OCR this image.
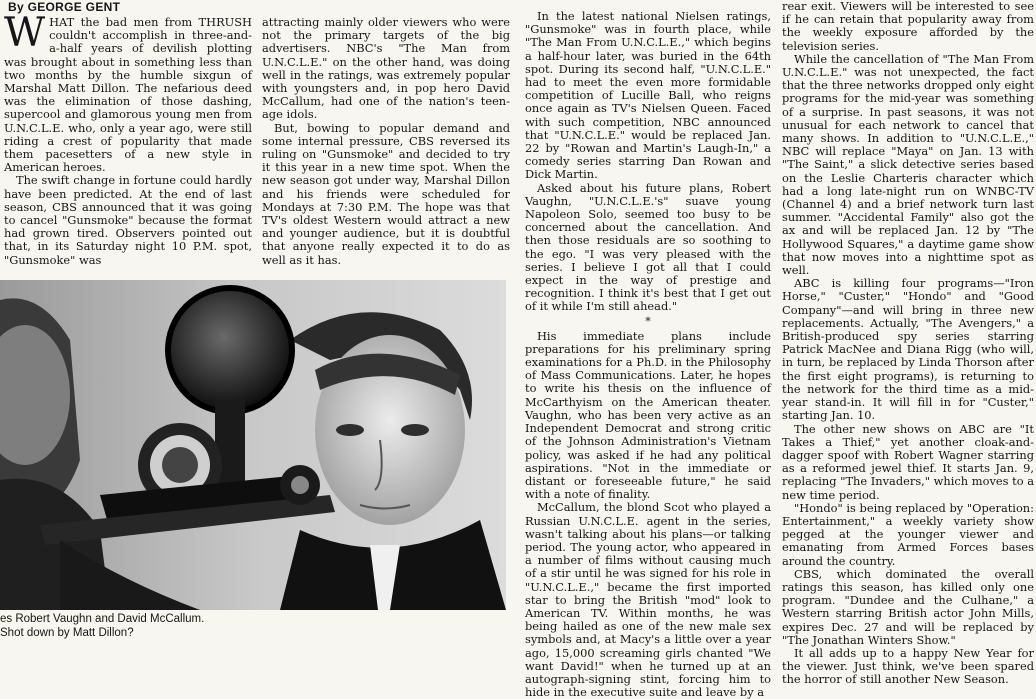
By GEORGE GENT

WHAT the bad men from THRUSH couldn't accomplish in three-and-a-half years of devilish plotting was brought about in something less than two months by the humble sixgun of Marshal Matt Dillon. The nefarious deed was the elimination of those dashing, supercool and glamorous young men from U.N.C.L.E. who, only a year ago, were still riding a crest of popularity that made them pacesetters of a new style in American heroes.

The swift change in fortune could hardly have been predicted. At the end of last season, CBS announced that it was going to cancel "Gunsmoke" because the format had grown tired. Observers pointed out that, in its Saturday night 10 P.M. spot, "Gunsmoke" was

attracting mainly older viewers who were not the primary targets of the big advertisers. NBC's "The Man from U.N.C.L.E." on the other hand, was doing well in the ratings, was extremely popular with youngsters and, in pop hero David McCallum, had one of the nation's teen-age idols.

But, bowing to popular demand and some internal pressure, CBS reversed its ruling on "Gunsmoke" and decided to try it this year in a new time spot. When the new season got under way, Marshal Dillon and his friends were scheduled for Mondays at 7:30 P.M. The hope was that TV's oldest Western would attract a new and younger audience, but it is doubtful that anyone really expected it to do as well as it has.

In the latest national Nielsen ratings, "Gunsmoke" was in fourth place, while "The Man From U.N.C.L.E.," which begins a half-hour later, was buried in the 64th spot. During its second half, "U.N.C.L.E." had to meet the even more formidable competition of Lucille Ball, who reigns once again as TV's Nielsen Queen. Faced with such competition, NBC announced that "U.N.C.L.E." would be replaced Jan. 22 by "Rowan and Martin's Laugh-In," a comedy series starring Dan Rowan and Dick Martin.

Asked about his future plans, Robert Vaughn, "U.N.C.L.E.'s" suave young Napoleon Solo, seemed too busy to be concerned about the cancellation. And then those residuals are so soothing to the ego. "I was very pleased with the series. I believe I got all that I could expect in the way of prestige and recognition. I think it's best that I get out of it while I'm still ahead."

*

His immediate plans include preparations for his preliminary spring examinations for a Ph.D. in the Philosophy of Mass Communications. Later, he hopes to write his thesis on the influence of McCarthyism on the American theater. Vaughn, who has been very active as an Independent Democrat and strong critic of the Johnson Administration's Vietnam policy, was asked if he had any political aspirations. "Not in the immediate or distant or foreseeable future," he said with a note of finality.

McCallum, the blond Scot who played a Russian U.N.C.L.E. agent in the series, wasn't talking about his plans—or talking period. The young actor, who appeared in a number of films without causing much of a stir until he was signed for his role in "U.N.C.L.E.," became the first imported star to bring the British "mod" look to American TV. Within months, he was being hailed as one of the new male sex symbols and, at Macy's a little over a year ago, 15,000 screaming girls chanted "We want David!" when he turned up at an autograph-signing stint, forcing him to hide in the executive suite and leave by a

rear exit. Viewers will be interested to see if he can retain that popularity away from the weekly exposure afforded by the television series.

While the cancellation of "The Man From U.N.C.L.E." was not unexpected, the fact that the three networks dropped only eight programs for the mid-year was something of a surprise. In past seasons, it was not unusual for each network to cancel that many shows. In addition to "U.N.C.L.E.," NBC will replace "Maya" on Jan. 13 with "The Saint," a slick detective series based on the Leslie Charteris character which had a long late-night run on WNBC-TV (Channel 4) and a brief network turn last summer. "Accidental Family" also got the ax and will be replaced Jan. 12 by "The Hollywood Squares," a daytime game show that now moves into a nighttime spot as well.

ABC is killing four programs—"Iron Horse," "Custer," "Hondo" and "Good Company"—and will bring in three new replacements. Actually, "The Avengers," a British-produced spy series starring Patrick MacNee and Diana Rigg (who will, in turn, be replaced by Linda Thorson after the first eight programs), is returning to the network for the third time as a mid-year stand-in. It will fill in for "Custer," starting Jan. 10.

The other new shows on ABC are "It Takes a Thief," yet another cloak-and-dagger spoof with Robert Wagner starring as a reformed jewel thief. It starts Jan. 9, replacing "The Invaders," which moves to a new time period.

"Hondo" is being replaced by "Operation: Entertainment," a weekly variety show pegged at the younger viewer and emanating from Armed Forces bases around the country.

CBS, which dominated the overall ratings this season, has killed only one program. "Dundee and the Culhane," a Western starring British actor John Mills, expires Dec. 27 and will be replaced by "The Jonathan Winters Show."

It all adds up to a happy New Year for the viewer. Just think, we've been spared the horror of still another New Season.

es Robert Vaughn and David McCallum.
Shot down by Matt Dillon?
